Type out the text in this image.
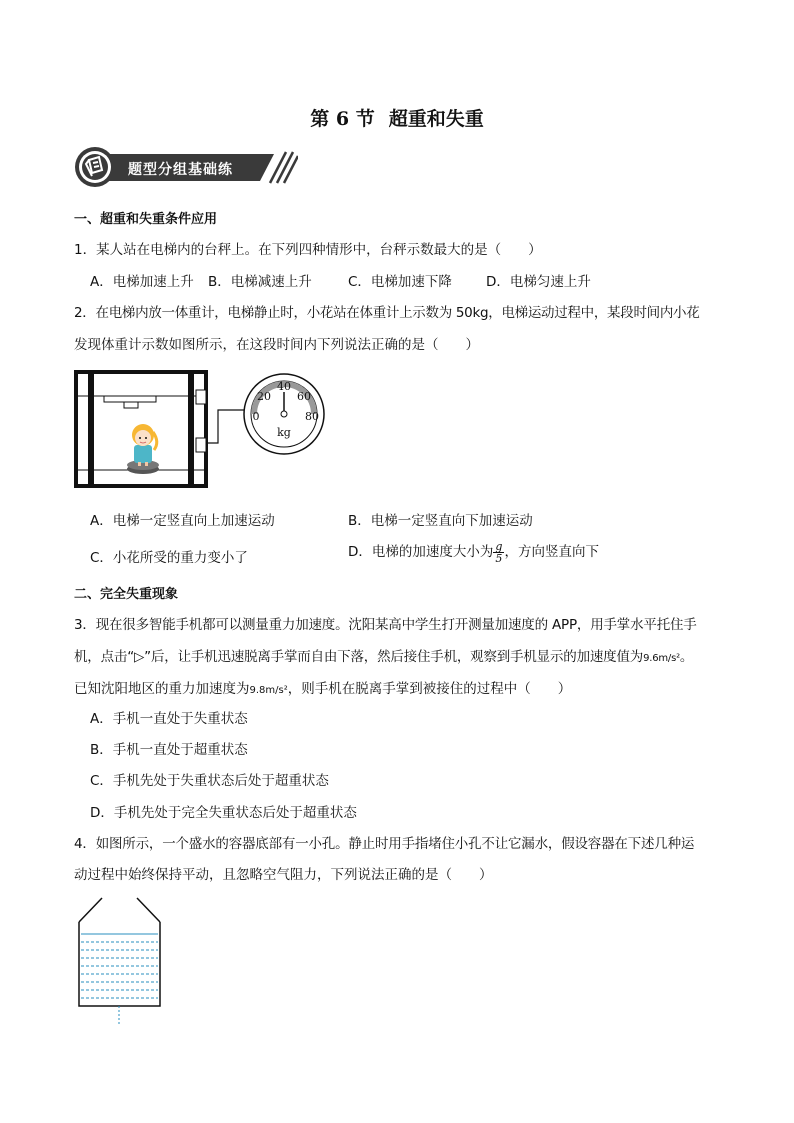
第 6 节 超重和失重
题型分组基础练
一、超重和失重条件应用
1．某人站在电梯内的台秤上。在下列四种情形中，台秤示数最大的是（　　）
A．电梯加速上升 B．电梯减速上升	C．电梯加速下降	D．电梯匀速上升
2．在电梯内放一体重计，电梯静止时，小花站在体重计上示数为 50kg，电梯运动过程中，某段时间内小花
发现体重计示数如图所示，在这段时间内下列说法正确的是（　　）
0
20
40
60
80
kg
A．电梯一定竖直向上加速运动	B．电梯一定竖直向下加速运动
C．小花所受的重力变小了	D．电梯的加速度大小为 $\frac{g}{5}$ ，方向竖直向下
二、完全失重现象
3．现在很多智能手机都可以测量重力加速度。沈阳某高中学生打开测量加速度的 APP，用手掌水平托住手
机，点击“▷”后，让手机迅速脱离手掌而自由下落，然后接住手机，观察到手机显示的加速度值为9.6m/s²。
已知沈阳地区的重力加速度为9.8m/s²，则手机在脱离手掌到被接住的过程中（　　）
A．手机一直处于失重状态
B．手机一直处于超重状态
C．手机先处于失重状态后处于超重状态
D．手机先处于完全失重状态后处于超重状态
4．如图所示，一个盛水的容器底部有一小孔。静止时用手指堵住小孔不让它漏水，假设容器在下述几种运
动过程中始终保持平动，且忽略空气阻力，下列说法正确的是（　　）
